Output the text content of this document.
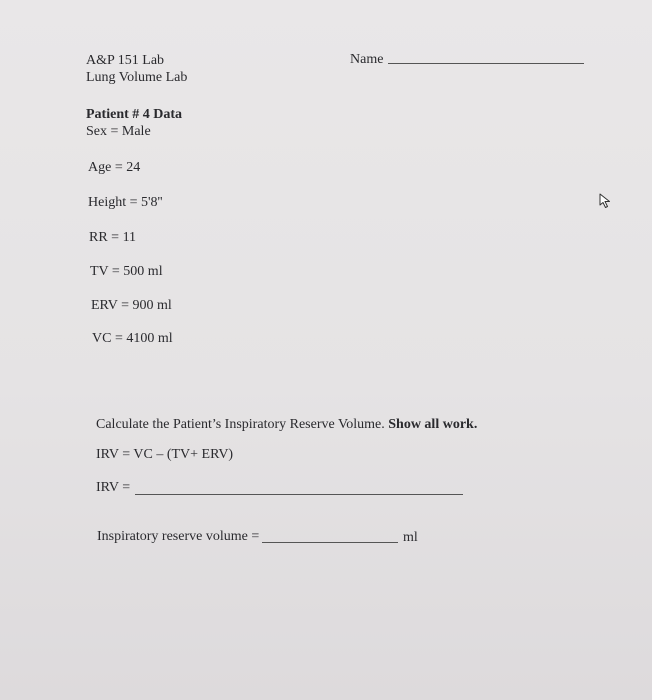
A&P 151 Lab
Lung Volume Lab
Name
Patient # 4 Data
Sex = Male
Age = 24
Height = 5'8''
RR = 11
TV = 500 ml
ERV = 900 ml
VC = 4100 ml
Calculate the Patient’s Inspiratory Reserve Volume. Show all work.
IRV = VC – (TV+ ERV)
IRV =
Inspiratory reserve volume =	ml
